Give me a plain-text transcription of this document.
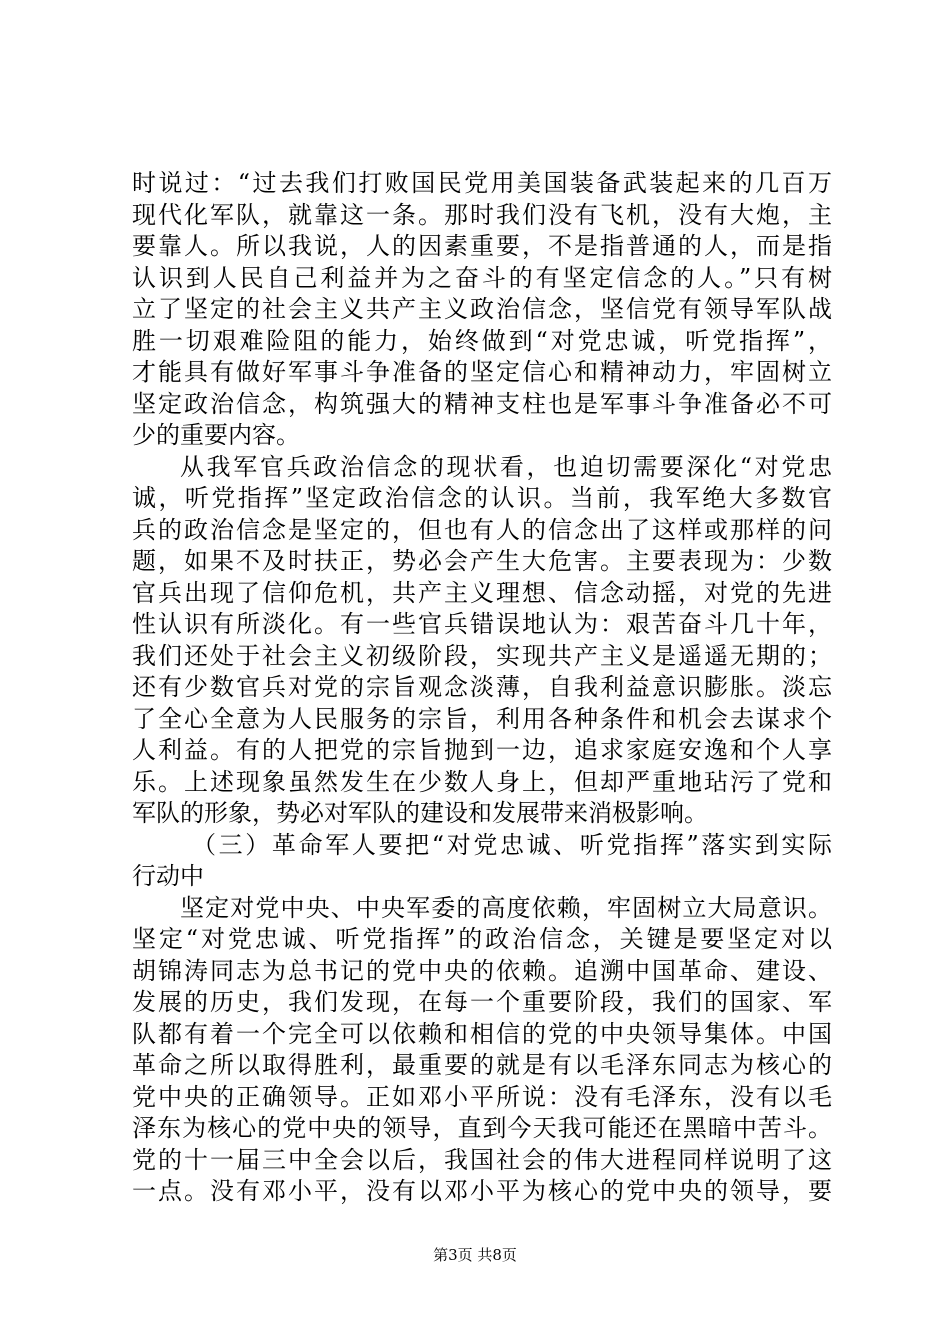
时说过：“过去我们打败国民党用美国装备武装起来的几百万
现代化军队，就靠这一条。那时我们没有飞机，没有大炮，主
要靠人。所以我说，人的因素重要，不是指普通的人，而是指
认识到人民自己利益并为之奋斗的有坚定信念的人。”只有树
立了坚定的社会主义共产主义政治信念，坚信党有领导军队战
胜一切艰难险阻的能力，始终做到“对党忠诚，听党指挥”，
才能具有做好军事斗争准备的坚定信心和精神动力，牢固树立
坚定政治信念，构筑强大的精神支柱也是军事斗争准备必不可
少的重要内容。
从我军官兵政治信念的现状看，也迫切需要深化“对党忠
诚，听党指挥”坚定政治信念的认识。当前，我军绝大多数官
兵的政治信念是坚定的，但也有人的信念出了这样或那样的问
题，如果不及时扶正，势必会产生大危害。主要表现为：少数
官兵出现了信仰危机，共产主义理想、信念动摇，对党的先进
性认识有所淡化。有一些官兵错误地认为：艰苦奋斗几十年，
我们还处于社会主义初级阶段，实现共产主义是遥遥无期的；
还有少数官兵对党的宗旨观念淡薄，自我利益意识膨胀。淡忘
了全心全意为人民服务的宗旨，利用各种条件和机会去谋求个
人利益。有的人把党的宗旨抛到一边，追求家庭安逸和个人享
乐。上述现象虽然发生在少数人身上，但却严重地玷污了党和
军队的形象，势必对军队的建设和发展带来消极影响。
（三）革命军人要把“对党忠诚、听党指挥”落实到实际
行动中
坚定对党中央、中央军委的高度依赖，牢固树立大局意识。
坚定“对党忠诚、听党指挥”的政治信念，关键是要坚定对以
胡锦涛同志为总书记的党中央的依赖。追溯中国革命、建设、
发展的历史，我们发现，在每一个重要阶段，我们的国家、军
队都有着一个完全可以依赖和相信的党的中央领导集体。中国
革命之所以取得胜利，最重要的就是有以毛泽东同志为核心的
党中央的正确领导。正如邓小平所说：没有毛泽东，没有以毛
泽东为核心的党中央的领导，直到今天我可能还在黑暗中苦斗。
党的十一届三中全会以后，我国社会的伟大进程同样说明了这
一点。没有邓小平，没有以邓小平为核心的党中央的领导，要
第3页 共8页
